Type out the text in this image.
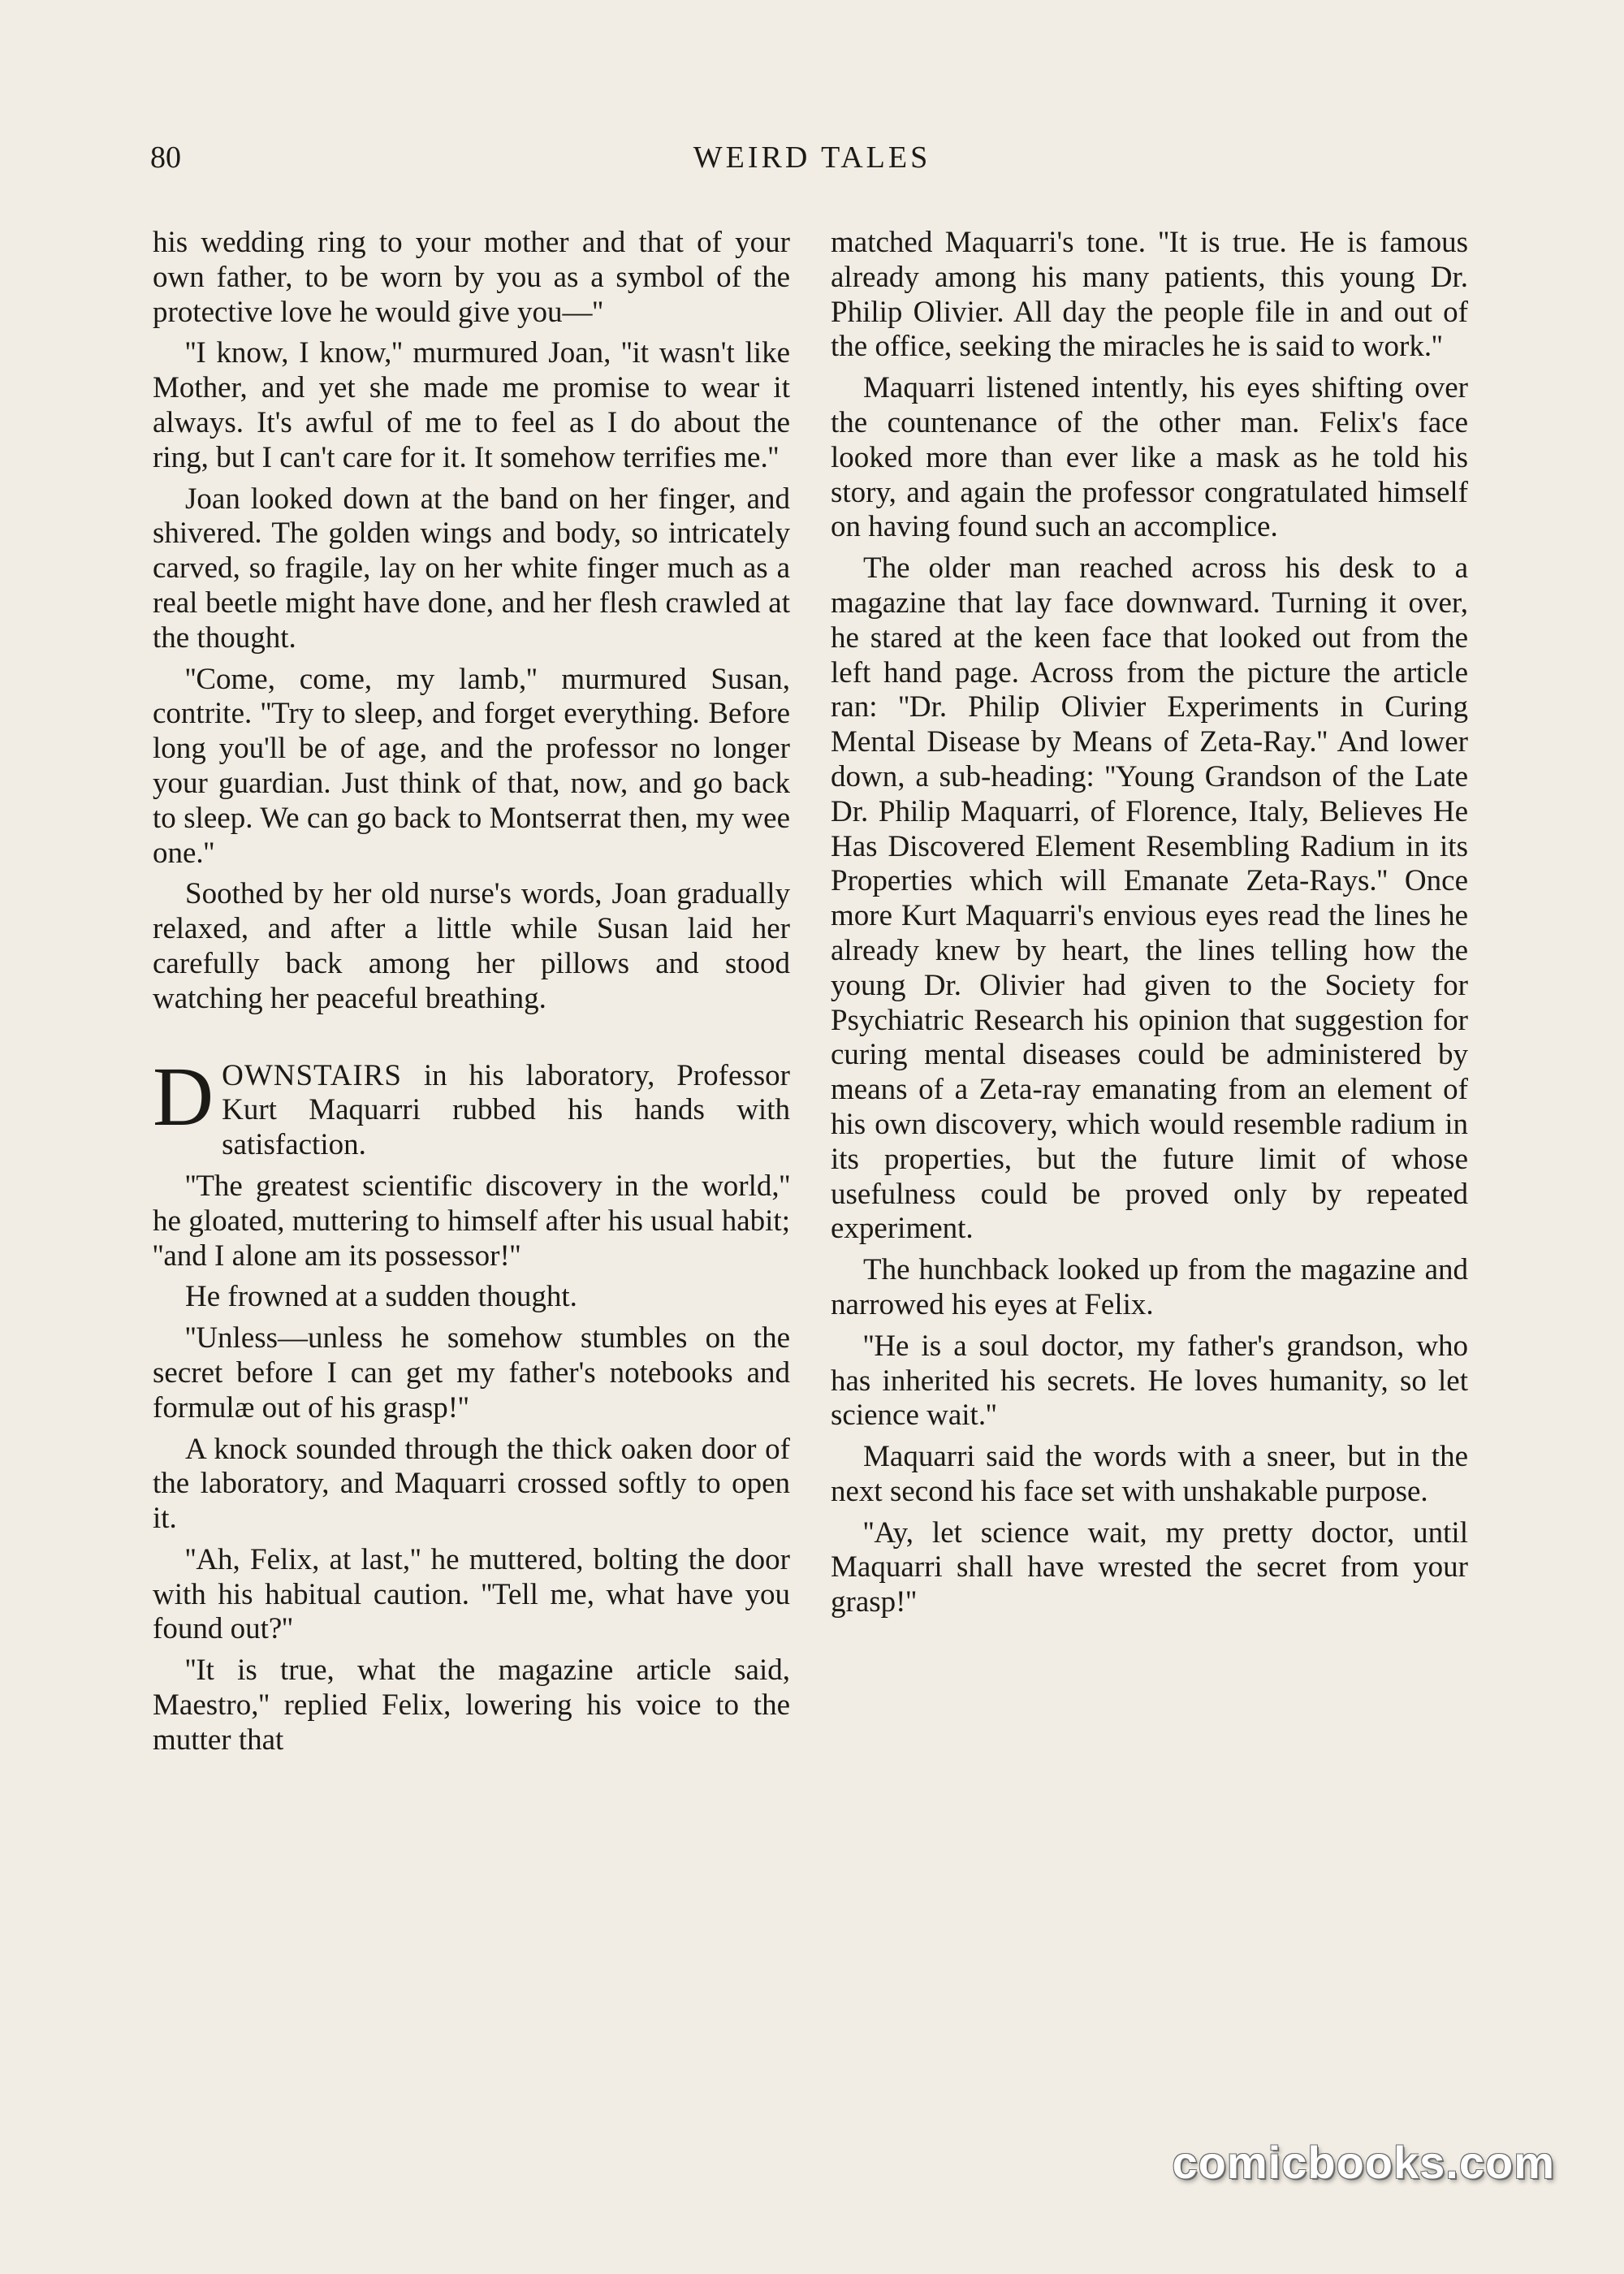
80	WEIRD TALES

his wedding ring to your mother and that of your own father, to be worn by you as a symbol of the protective love he would give you—''

''I know, I know,'' murmured Joan, ''it wasn't like Mother, and yet she made me promise to wear it always. It's awful of me to feel as I do about the ring, but I can't care for it. It somehow terrifies me.''

Joan looked down at the band on her finger, and shivered. The golden wings and body, so intricately carved, so fragile, lay on her white finger much as a real beetle might have done, and her flesh crawled at the thought.

''Come, come, my lamb,'' murmured Susan, contrite. ''Try to sleep, and forget everything. Before long you'll be of age, and the professor no longer your guardian. Just think of that, now, and go back to sleep. We can go back to Montserrat then, my wee one.''

Soothed by her old nurse's words, Joan gradually relaxed, and after a little while Susan laid her carefully back among her pillows and stood watching her peaceful breathing.

DOWNSTAIRS in his laboratory, Professor Kurt Maquarri rubbed his hands with satisfaction.

''The greatest scientific discovery in the world,'' he gloated, muttering to himself after his usual habit; ''and I alone am its possessor!''

He frowned at a sudden thought.

''Unless—unless he somehow stumbles on the secret before I can get my father's notebooks and formulæ out of his grasp!''

A knock sounded through the thick oaken door of the laboratory, and Maquarri crossed softly to open it.

''Ah, Felix, at last,'' he muttered, bolting the door with his habitual caution. ''Tell me, what have you found out?''

''It is true, what the magazine article said, Maestro,'' replied Felix, lowering his voice to the mutter that

matched Maquarri's tone. ''It is true. He is famous already among his many patients, this young Dr. Philip Olivier. All day the people file in and out of the office, seeking the miracles he is said to work.''

Maquarri listened intently, his eyes shifting over the countenance of the other man. Felix's face looked more than ever like a mask as he told his story, and again the professor congratulated himself on having found such an accomplice.

The older man reached across his desk to a magazine that lay face downward. Turning it over, he stared at the keen face that looked out from the left hand page. Across from the picture the article ran: ''Dr. Philip Olivier Experiments in Curing Mental Disease by Means of Zeta-Ray.'' And lower down, a sub-heading: ''Young Grandson of the Late Dr. Philip Maquarri, of Florence, Italy, Believes He Has Discovered Element Resembling Radium in its Properties which will Emanate Zeta-Rays.'' Once more Kurt Maquarri's envious eyes read the lines he already knew by heart, the lines telling how the young Dr. Olivier had given to the Society for Psychiatric Research his opinion that suggestion for curing mental diseases could be administered by means of a Zeta-ray emanating from an element of his own discovery, which would resemble radium in its properties, but the future limit of whose usefulness could be proved only by repeated experiment.

The hunchback looked up from the magazine and narrowed his eyes at Felix.

''He is a soul doctor, my father's grandson, who has inherited his secrets. He loves humanity, so let science wait.''

Maquarri said the words with a sneer, but in the next second his face set with unshakable purpose.

''Ay, let science wait, my pretty doctor, until Maquarri shall have wrested the secret from your grasp!''

comicbooks.com
